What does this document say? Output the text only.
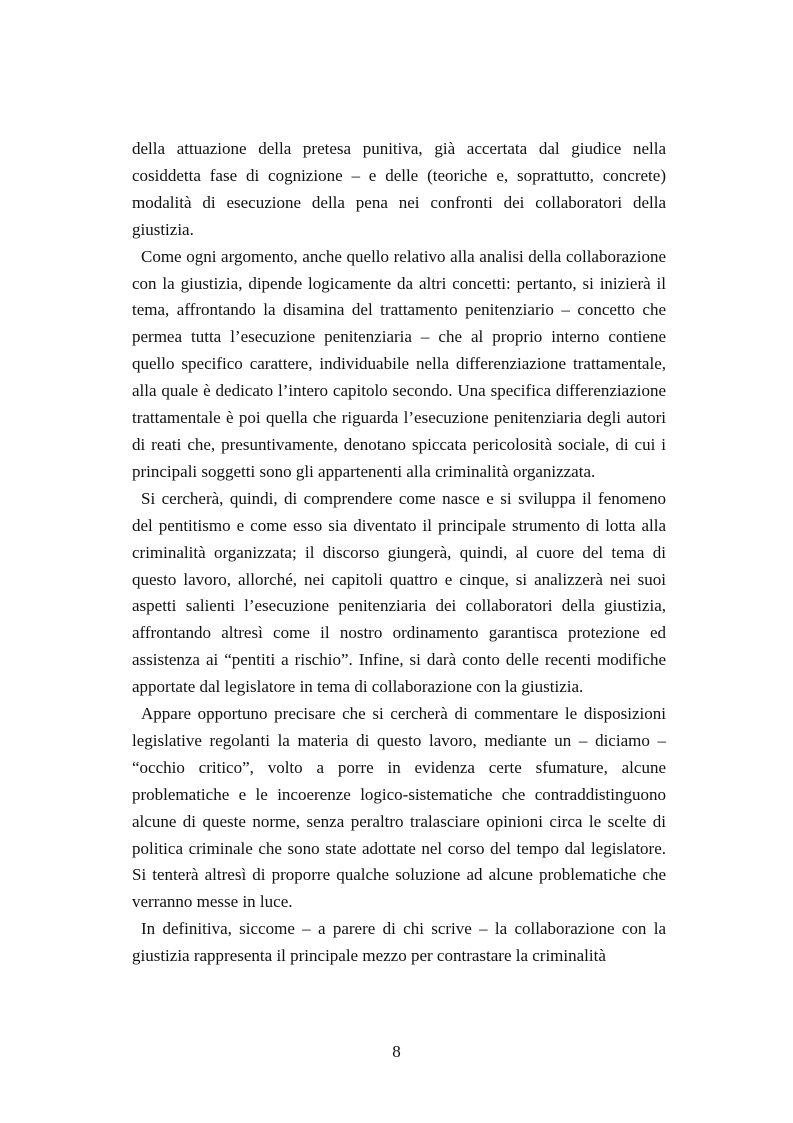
della attuazione della pretesa punitiva, già accertata dal giudice nella cosiddetta fase di cognizione – e delle (teoriche e, soprattutto, concrete) modalità di esecuzione della pena nei confronti dei collaboratori della giustizia.

Come ogni argomento, anche quello relativo alla analisi della collaborazione con la giustizia, dipende logicamente da altri concetti: pertanto, si inizierà il tema, affrontando la disamina del trattamento penitenziario – concetto che permea tutta l’esecuzione penitenziaria – che al proprio interno contiene quello specifico carattere, individuabile nella differenziazione trattamentale, alla quale è dedicato l’intero capitolo secondo. Una specifica differenziazione trattamentale è poi quella che riguarda l’esecuzione penitenziaria degli autori di reati che, presuntivamente, denotano spiccata pericolosità sociale, di cui i principali soggetti sono gli appartenenti alla criminalità organizzata.

Si cercherà, quindi, di comprendere come nasce e si sviluppa il fenomeno del pentitismo e come esso sia diventato il principale strumento di lotta alla criminalità organizzata; il discorso giungerà, quindi, al cuore del tema di questo lavoro, allorché, nei capitoli quattro e cinque, si analizzerà nei suoi aspetti salienti l’esecuzione penitenziaria dei collaboratori della giustizia, affrontando altresì come il nostro ordinamento garantisca protezione ed assistenza ai “pentiti a rischio”. Infine, si darà conto delle recenti modifiche apportate dal legislatore in tema di collaborazione con la giustizia.

Appare opportuno precisare che si cercherà di commentare le disposizioni legislative regolanti la materia di questo lavoro, mediante un – diciamo – “occhio critico”, volto a porre in evidenza certe sfumature, alcune problematiche e le incoerenze logico-sistematiche che contraddistinguono alcune di queste norme, senza peraltro tralasciare opinioni circa le scelte di politica criminale che sono state adottate nel corso del tempo dal legislatore. Si tenterà altresì di proporre qualche soluzione ad alcune problematiche che verranno messe in luce.

In definitiva, siccome – a parere di chi scrive – la collaborazione con la giustizia rappresenta il principale mezzo per contrastare la criminalità

8
